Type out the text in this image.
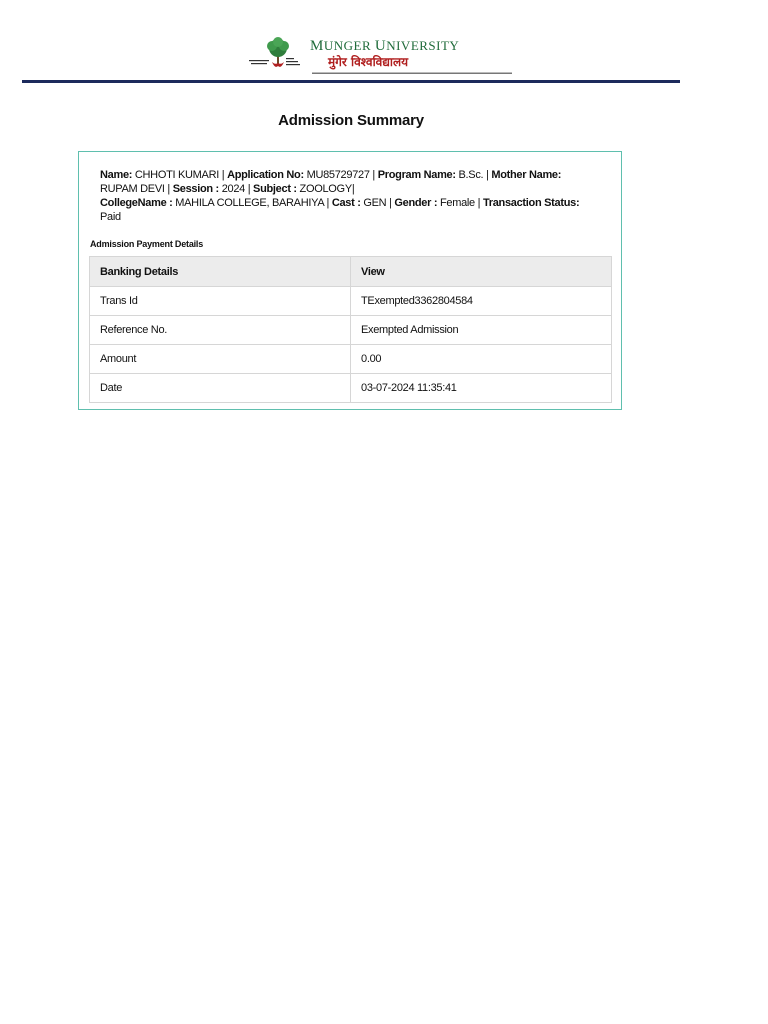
MUNGER UNIVERSITY
मुंगेर विश्वविद्यालय
Admission Summary
Name: CHHOTI KUMARI | Application No: MU85729727 | Program Name: B.Sc. | Mother Name: RUPAM DEVI | Session : 2024 | Subject : ZOOLOGY|
CollegeName : MAHILA COLLEGE, BARAHIYA | Cast : GEN | Gender : Female | Transaction Status: Paid
Admission Payment Details
Banking Details	View
Trans Id	TExempted3362804584
Reference No.	Exempted Admission
Amount	0.00
Date	03-07-2024 11:35:41
